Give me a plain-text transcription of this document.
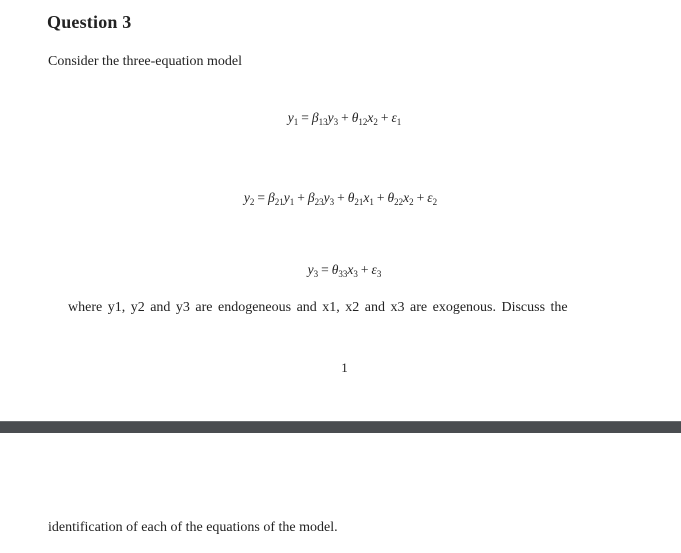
Question 3
Consider the three-equation model
$y_1 = \beta_{13}y_3 + \theta_{12}x_2 + \varepsilon_1$
$y_2 = \beta_{21}y_1 + \beta_{23}y_3 + \theta_{21}x_1 + \theta_{22}x_2 + \varepsilon_2$
$y_3 = \theta_{33}x_3 + \varepsilon_3$
where y1, y2 and y3 are endogeneous and x1, x2 and x3 are exogenous. Discuss the
1
identification of each of the equations of the model.
